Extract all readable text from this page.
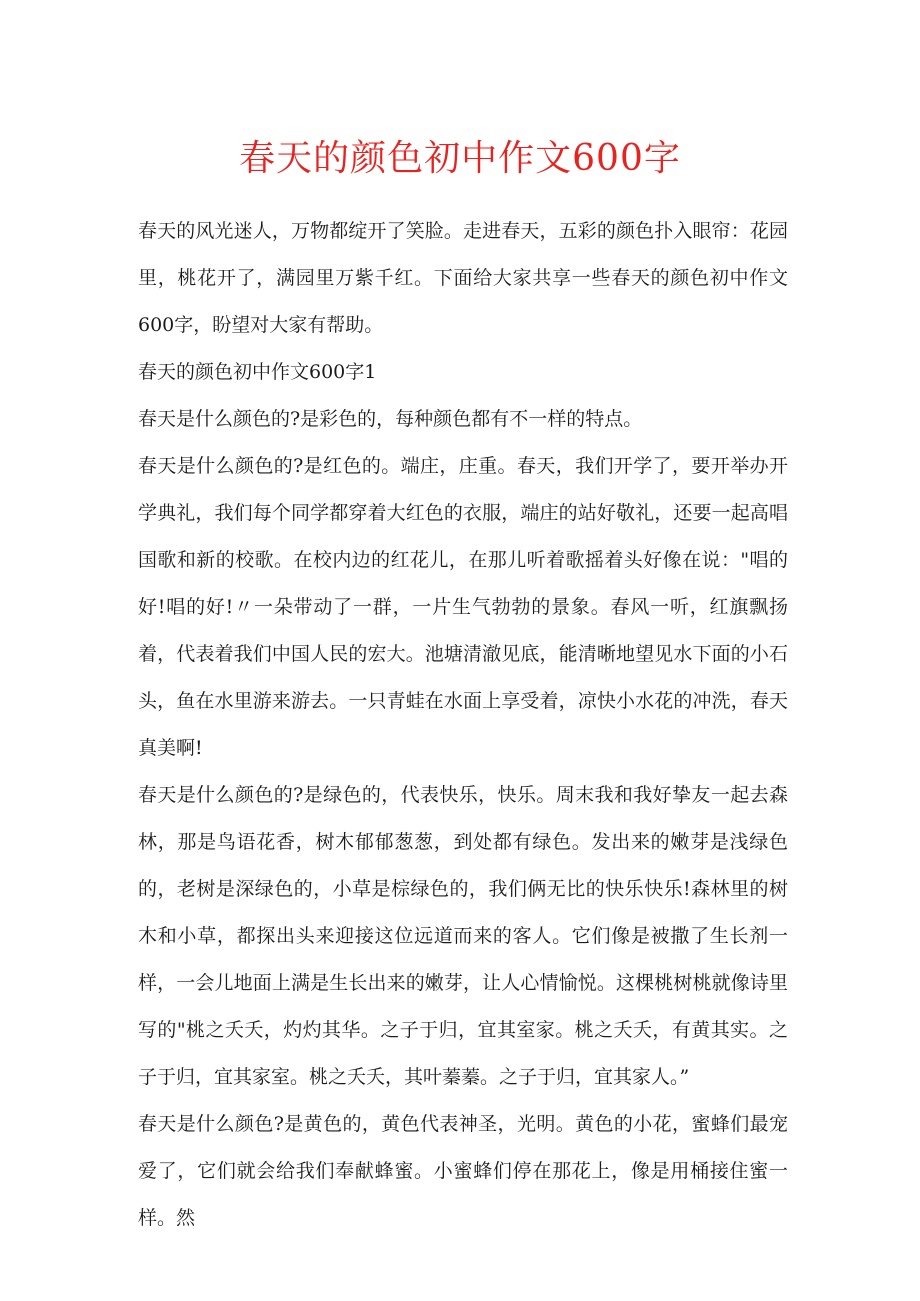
春天的颜色初中作文600字

春天的风光迷人，万物都绽开了笑脸。走进春天，五彩的颜色扑入眼帘：花园里，桃花开了，满园里万紫千红。下面给大家共享一些春天的颜色初中作文600字，盼望对大家有帮助。

春天的颜色初中作文600字1

春天是什么颜色的?是彩色的，每种颜色都有不一样的特点。

春天是什么颜色的?是红色的。端庄，庄重。春天，我们开学了，要开举办开学典礼，我们每个同学都穿着大红色的衣服，端庄的站好敬礼，还要一起高唱国歌和新的校歌。在校内边的红花儿，在那儿听着歌摇着头好像在说："唱的好!唱的好!〃一朵带动了一群，一片生气勃勃的景象。春风一听，红旗飘扬着，代表着我们中国人民的宏大。池塘清澈见底，能清晰地望见水下面的小石头，鱼在水里游来游去。一只青蛙在水面上享受着，凉快小水花的冲洗，春天真美啊!

春天是什么颜色的?是绿色的，代表快乐，快乐。周末我和我好挚友一起去森林，那是鸟语花香，树木郁郁葱葱，到处都有绿色。发出来的嫩芽是浅绿色的，老树是深绿色的，小草是棕绿色的，我们俩无比的快乐快乐!森林里的树木和小草，都探出头来迎接这位远道而来的客人。它们像是被撒了生长剂一样，一会儿地面上满是生长出来的嫩芽，让人心情愉悦。这棵桃树桃就像诗里写的"桃之夭夭，灼灼其华。之子于归，宜其室家。桃之夭夭，有黄其实。之子于归，宜其家室。桃之夭夭，其叶蓁蓁。之子于归，宜其家人。”

春天是什么颜色?是黄色的，黄色代表神圣，光明。黄色的小花，蜜蜂们最宠爱了，它们就会给我们奉献蜂蜜。小蜜蜂们停在那花上，像是用桶接住蜜一样。然
